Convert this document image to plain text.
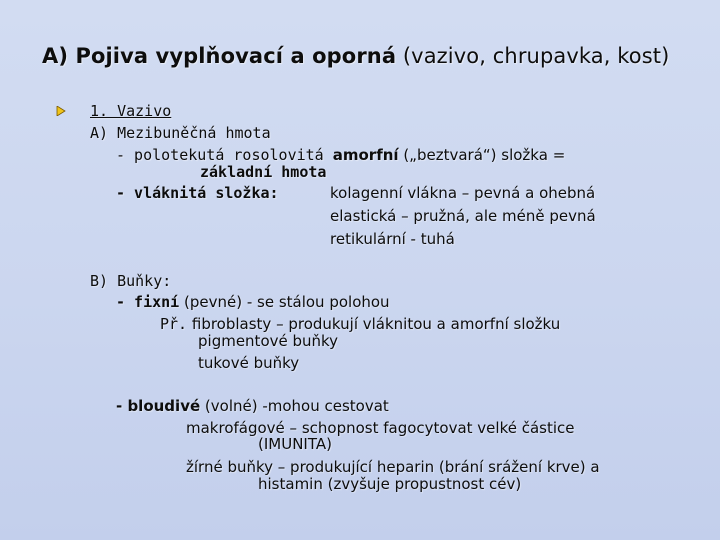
A) Pojiva vyplňovací a oporná (vazivo, chrupavka, kost)
1. Vazivo
A) Mezibuněčná hmota
- polotekutá rosolovitá amorfní („beztvará“) složka =
základní hmota
- vláknitá složka:	kolagenní vlákna – pevná a ohebná
elastická – pružná, ale méně pevná
retikulární - tuhá
B) Buňky:
- fixní (pevné) - se stálou polohou
Př. fibroblasty – produkují vláknitou a amorfní složku
pigmentové buňky
tukové buňky
- bloudivé (volné) -mohou cestovat
makrofágové – schopnost fagocytovat velké částice
(IMUNITA)
žírné buňky – produkující heparin (brání srážení krve) a
histamin (zvyšuje propustnost cév)
